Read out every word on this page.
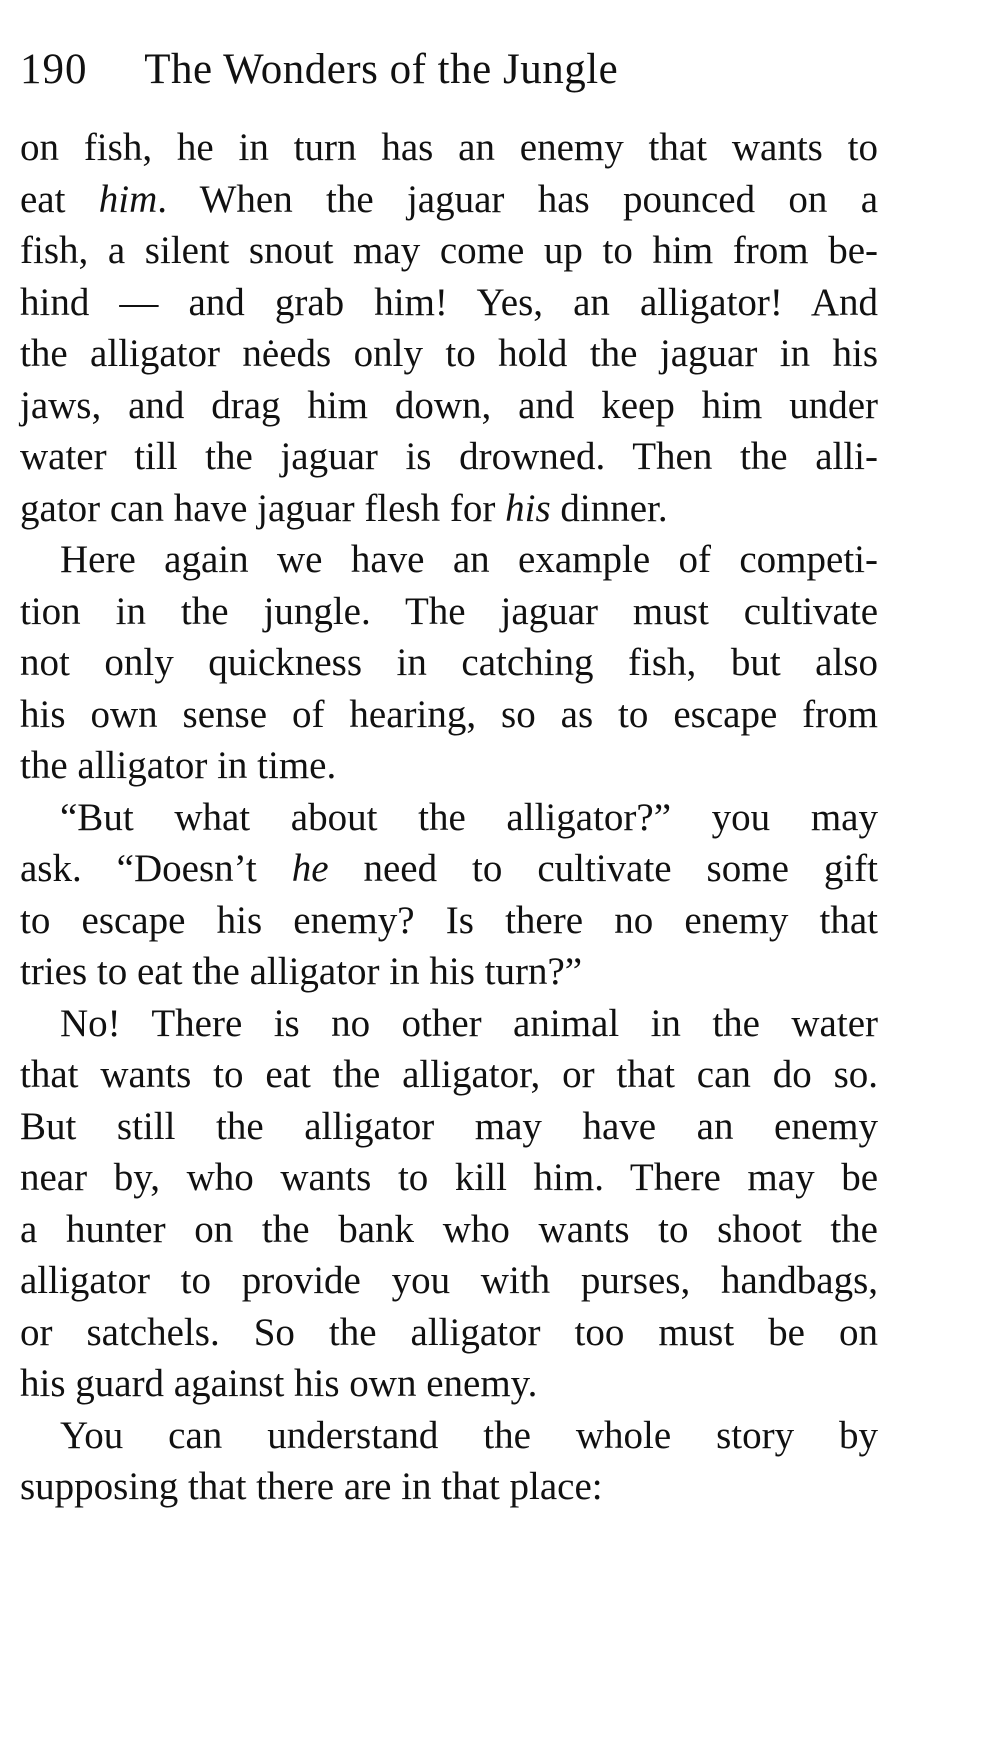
190 The Wonders of the Jungle
on fish, he in turn has an enemy that wants to
eat him. When the jaguar has pounced on a
fish, a silent snout may come up to him from be-
hind — and grab him! Yes, an alligator! And
the alligator nėeds only to hold the jaguar in his
jaws, and drag him down, and keep him under
water till the jaguar is drowned. Then the alli-
gator can have jaguar flesh for his dinner.
Here again we have an example of competi-
tion in the jungle. The jaguar must cultivate
not only quickness in catching fish, but also
his own sense of hearing, so as to escape from
the alligator in time.
“But what about the alligator?” you may
ask. “Doesn’t he need to cultivate some gift
to escape his enemy? Is there no enemy that
tries to eat the alligator in his turn?”
No! There is no other animal in the water
that wants to eat the alligator, or that can do so.
But still the alligator may have an enemy
near by, who wants to kill him. There may be
a hunter on the bank who wants to shoot the
alligator to provide you with purses, handbags,
or satchels. So the alligator too must be on
his guard against his own enemy.
You can understand the whole story by
supposing that there are in that place:
